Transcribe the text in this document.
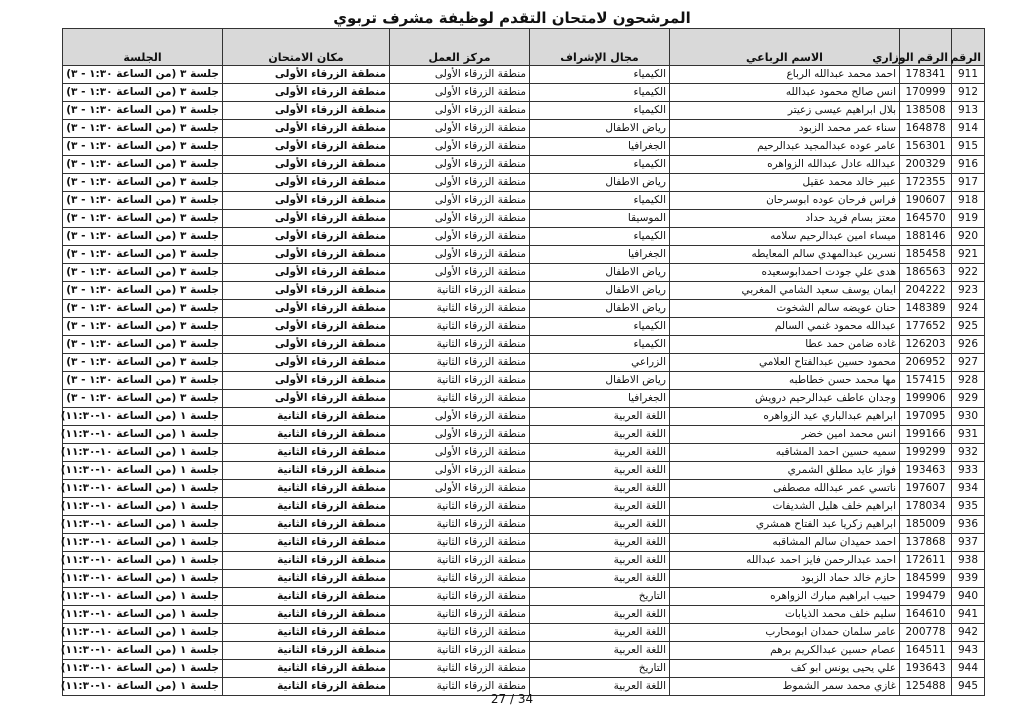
المرشحون لامتحان التقدم لوظيفة مشرف تربوي
الرقم	الرقم الوزاري	الاسم الرباعي	مجال الإشراف	مركز العمل	مكان الامتحان	الجلسة
911	178341	احمد محمد عبدالله الرباع	الكيمياء	منطقة الزرقاء الأولى	منطقة الزرقاء الأولى	جلسة ٣ (من الساعة ١:٣٠ - ٣)
912	170999	انس صالح محمود عبدالله	الكيمياء	منطقة الزرقاء الأولى	منطقة الزرقاء الأولى	جلسة ٣ (من الساعة ١:٣٠ - ٣)
913	138508	بلال ابراهيم عيسى زعيتر	الكيمياء	منطقة الزرقاء الأولى	منطقة الزرقاء الأولى	جلسة ٣ (من الساعة ١:٣٠ - ٣)
914	164878	سناء عمر محمد الزبود	رياض الاطفال	منطقة الزرقاء الأولى	منطقة الزرقاء الأولى	جلسة ٣ (من الساعة ١:٣٠ - ٣)
915	156301	عامر عوده عبدالمجيد عبدالرحيم	الجغرافيا	منطقة الزرقاء الأولى	منطقة الزرقاء الأولى	جلسة ٣ (من الساعة ١:٣٠ - ٣)
916	200329	عبدالله عادل عبدالله الزواهره	الكيمياء	منطقة الزرقاء الأولى	منطقة الزرقاء الأولى	جلسة ٣ (من الساعة ١:٣٠ - ٣)
917	172355	عبير خالد محمد عقيل	رياض الاطفال	منطقة الزرقاء الأولى	منطقة الزرقاء الأولى	جلسة ٣ (من الساعة ١:٣٠ - ٣)
918	190607	فراس فرحان عوده ابوسرحان	الكيمياء	منطقة الزرقاء الأولى	منطقة الزرقاء الأولى	جلسة ٣ (من الساعة ١:٣٠ - ٣)
919	164570	معتز بسام فريد حداد	الموسيقا	منطقة الزرقاء الأولى	منطقة الزرقاء الأولى	جلسة ٣ (من الساعة ١:٣٠ - ٣)
920	188146	ميساء امين عبدالرحيم سلامه	الكيمياء	منطقة الزرقاء الأولى	منطقة الزرقاء الأولى	جلسة ٣ (من الساعة ١:٣٠ - ٣)
921	185458	نسرين عبدالمهدي سالم المعايطه	الجغرافيا	منطقة الزرقاء الأولى	منطقة الزرقاء الأولى	جلسة ٣ (من الساعة ١:٣٠ - ٣)
922	186563	هدى علي جودت احمدابوسعيده	رياض الاطفال	منطقة الزرقاء الأولى	منطقة الزرقاء الأولى	جلسة ٣ (من الساعة ١:٣٠ - ٣)
923	204222	ايمان يوسف سعيد الشامي المغربي	رياض الاطفال	منطقة الزرقاء الثانية	منطقة الزرقاء الأولى	جلسة ٣ (من الساعة ١:٣٠ - ٣)
924	148389	حنان عويضه سالم الشخوت	رياض الاطفال	منطقة الزرقاء الثانية	منطقة الزرقاء الأولى	جلسة ٣ (من الساعة ١:٣٠ - ٣)
925	177652	عبدالله محمود غنمي السالم	الكيمياء	منطقة الزرقاء الثانية	منطقة الزرقاء الأولى	جلسة ٣ (من الساعة ١:٣٠ - ٣)
926	126203	غاده ضامن حمد عطا	الكيمياء	منطقة الزرقاء الثانية	منطقة الزرقاء الأولى	جلسة ٣ (من الساعة ١:٣٠ - ٣)
927	206952	محمود حسين عبدالفتاح العلامي	الزراعي	منطقة الزرقاء الثانية	منطقة الزرقاء الأولى	جلسة ٣ (من الساعة ١:٣٠ - ٣)
928	157415	مها محمد حسن خطاطبه	رياض الاطفال	منطقة الزرقاء الثانية	منطقة الزرقاء الأولى	جلسة ٣ (من الساعة ١:٣٠ - ٣)
929	199906	وجدان عاطف عبدالرحيم درويش	الجغرافيا	منطقة الزرقاء الثانية	منطقة الزرقاء الأولى	جلسة ٣ (من الساعة ١:٣٠ - ٣)
930	197095	ابراهيم عبدالباري عيد الزواهره	اللغة العربية	منطقة الزرقاء الأولى	منطقة الزرقاء الثانية	جلسة ١ (من الساعة ١٠-١١:٣٠)
931	199166	انس محمد امين خضر	اللغة العربية	منطقة الزرقاء الأولى	منطقة الزرقاء الثانية	جلسة ١ (من الساعة ١٠-١١:٣٠)
932	199299	سميه حسين احمد المشاقبه	اللغة العربية	منطقة الزرقاء الأولى	منطقة الزرقاء الثانية	جلسة ١ (من الساعة ١٠-١١:٣٠)
933	193463	فواز عايد مطلق الشمري	اللغة العربية	منطقة الزرقاء الأولى	منطقة الزرقاء الثانية	جلسة ١ (من الساعة ١٠-١١:٣٠)
934	197607	ناتسي عمر عبدالله مصطفى	اللغة العربية	منطقة الزرقاء الأولى	منطقة الزرقاء الثانية	جلسة ١ (من الساعة ١٠-١١:٣٠)
935	178034	ابراهيم خلف هليل الشديفات	اللغة العربية	منطقة الزرقاء الثانية	منطقة الزرقاء الثانية	جلسة ١ (من الساعة ١٠-١١:٣٠)
936	185009	ابراهيم زكريا عبد الفتاح همشري	اللغة العربية	منطقة الزرقاء الثانية	منطقة الزرقاء الثانية	جلسة ١ (من الساعة ١٠-١١:٣٠)
937	137868	احمد حميدان سالم المشاقبه	اللغة العربية	منطقة الزرقاء الثانية	منطقة الزرقاء الثانية	جلسة ١ (من الساعة ١٠-١١:٣٠)
938	172611	احمد عبدالرحمن فايز احمد عبدالله	اللغة العربية	منطقة الزرقاء الثانية	منطقة الزرقاء الثانية	جلسة ١ (من الساعة ١٠-١١:٣٠)
939	184599	حازم خالد حماد الزبود	اللغة العربية	منطقة الزرقاء الثانية	منطقة الزرقاء الثانية	جلسة ١ (من الساعة ١٠-١١:٣٠)
940	199479	حبيب ابراهيم مبارك الزواهره	التاريخ	منطقة الزرقاء الثانية	منطقة الزرقاء الثانية	جلسة ١ (من الساعة ١٠-١١:٣٠)
941	164610	سليم خلف محمد الذيابات	اللغة العربية	منطقة الزرقاء الثانية	منطقة الزرقاء الثانية	جلسة ١ (من الساعة ١٠-١١:٣٠)
942	200778	عامر سلمان حمدان ابومحارب	اللغة العربية	منطقة الزرقاء الثانية	منطقة الزرقاء الثانية	جلسة ١ (من الساعة ١٠-١١:٣٠)
943	164511	عصام حسين عبدالكريم برهم	اللغة العربية	منطقة الزرقاء الثانية	منطقة الزرقاء الثانية	جلسة ١ (من الساعة ١٠-١١:٣٠)
944	193643	علي يحيى يونس ابو كف	التاريخ	منطقة الزرقاء الثانية	منطقة الزرقاء الثانية	جلسة ١ (من الساعة ١٠-١١:٣٠)
945	125488	غازي محمد سمر الشموط	اللغة العربية	منطقة الزرقاء الثانية	منطقة الزرقاء الثانية	جلسة ١ (من الساعة ١٠-١١:٣٠)
27 / 34
